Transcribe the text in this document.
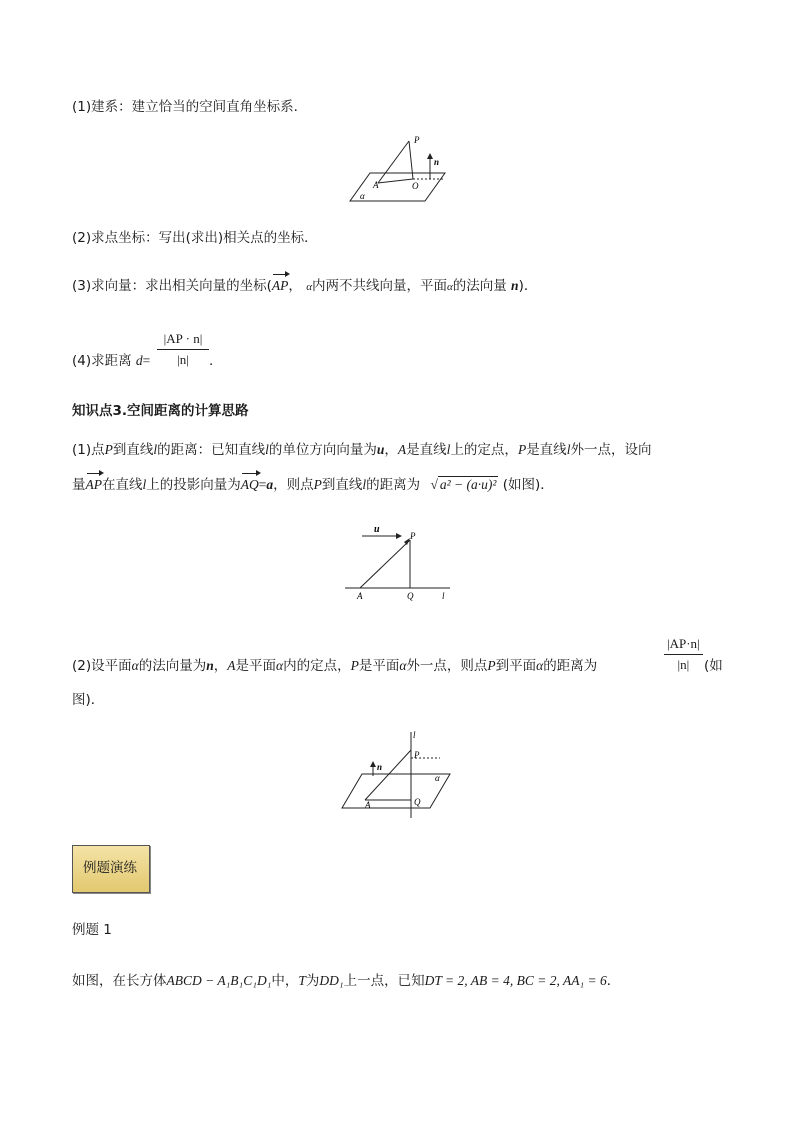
(1)建系：建立恰当的空间直角坐标系．
P
n
A	O
α
(2)求点坐标：写出(求出)相关点的坐标．
(3)求向量：求出相关向量的坐标(AP， α内两不共线向量，平面α的法向量 n)．
(4)求距离 $d= \frac{|AP \cdot n|}{|n|}$ .
知识点3.空间距离的计算思路
(1)点P到直线l的距离：已知直线l的单位方向向量为u，A是直线l上的定点，P是直线l外一点，设向
量AP在直线l上的投影向量为AQ=a，则点P到直线l的距离为 √ a² − (a·u)² (如图)．
u
P
A	Q	l
(2)设平面α的法向量为n，A是平面α内的定点，P是平面α外一点，则点P到平面α的距离为	$\frac{|AP\cdot n|}{|n|}$ (如
图)．
l
P
n
α
A	Q
例题演练
例题 1
如图，在长方体ABCD − A₁B₁C₁D₁中，T为DD₁上一点，已知DT = 2, AB = 4, BC = 2, AA₁ = 6．
